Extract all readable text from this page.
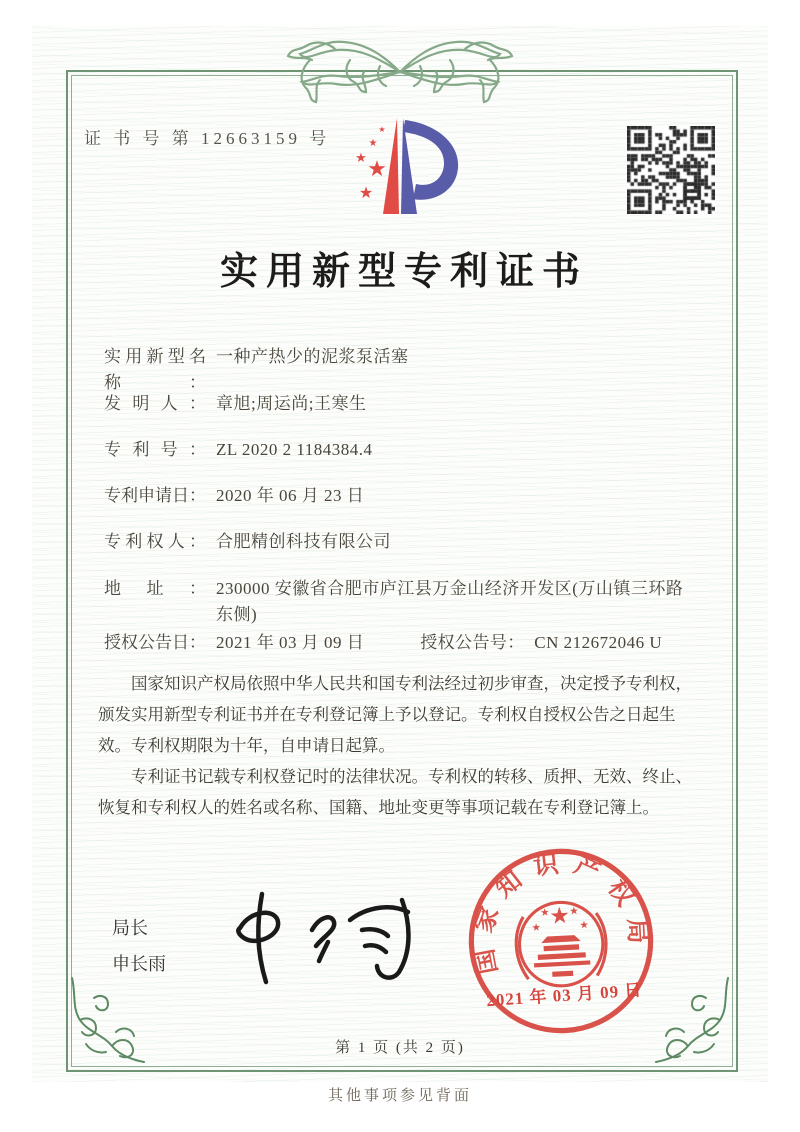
证 书 号 第 12663159 号
★
★
★
★
★
实用新型专利证书
实用新型名称：
一种产热少的泥浆泵活塞
发明人： 章旭;周运尚;王寒生
专利号： ZL 2020 2 1184384.4
专利申请日： 2020 年 06 月 23 日
专利权人： 合肥精创科技有限公司
地址： 230000 安徽省合肥市庐江县万金山经济开发区(万山镇三环路东侧)
授权公告日： 2021 年 03 月 09 日	授权公告号： CN 212672046 U

国家知识产权局依照中华人民共和国专利法经过初步审查，决定授予专利权，颁发实用新型专利证书并在专利登记簿上予以登记。专利权自授权公告之日起生效。专利权期限为十年，自申请日起算。

专利证书记载专利权登记时的法律状况。专利权的转移、质押、无效、终止、恢复和专利权人的姓名或名称、国籍、地址变更等事项记载在专利登记簿上。

局长
申长雨	国家知识产权局
★
★
★ ★
★
2021 年 03 月 09 日
第 1 页 (共 2 页)
其他事项参见背面
